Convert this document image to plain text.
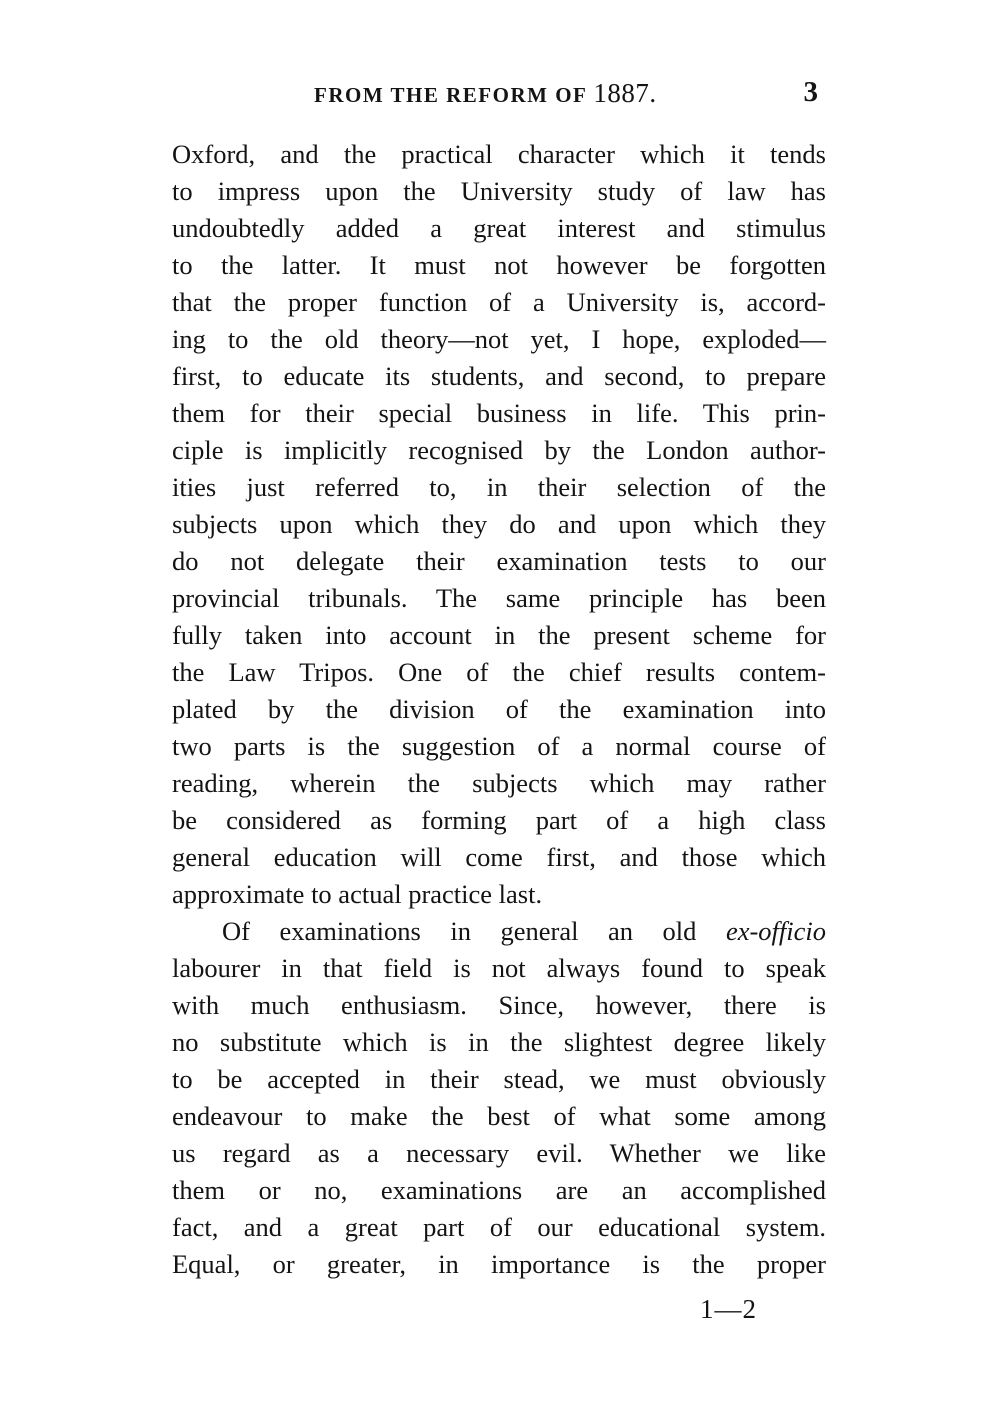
FROM THE REFORM OF 1887.	3
Oxford, and the practical character which it tends
to impress upon the University study of law has
undoubtedly added a great interest and stimulus
to the latter. It must not however be forgotten
that the proper function of a University is, accord-
ing to the old theory—not yet, I hope, exploded—
first, to educate its students, and second, to prepare
them for their special business in life. This prin-
ciple is implicitly recognised by the London author-
ities just referred to, in their selection of the
subjects upon which they do and upon which they
do not delegate their examination tests to our
provincial tribunals. The same principle has been
fully taken into account in the present scheme for
the Law Tripos. One of the chief results contem-
plated by the division of the examination into
two parts is the suggestion of a normal course of
reading, wherein the subjects which may rather
be considered as forming part of a high class
general education will come first, and those which
approximate to actual practice last.
Of examinations in general an old ex-officio
labourer in that field is not always found to speak
with much enthusiasm. Since, however, there is
no substitute which is in the slightest degree likely
to be accepted in their stead, we must obviously
endeavour to make the best of what some among
us regard as a necessary evil. Whether we like
them or no, examinations are an accomplished
fact, and a great part of our educational system.
Equal, or greater, in importance is the proper
1—2
